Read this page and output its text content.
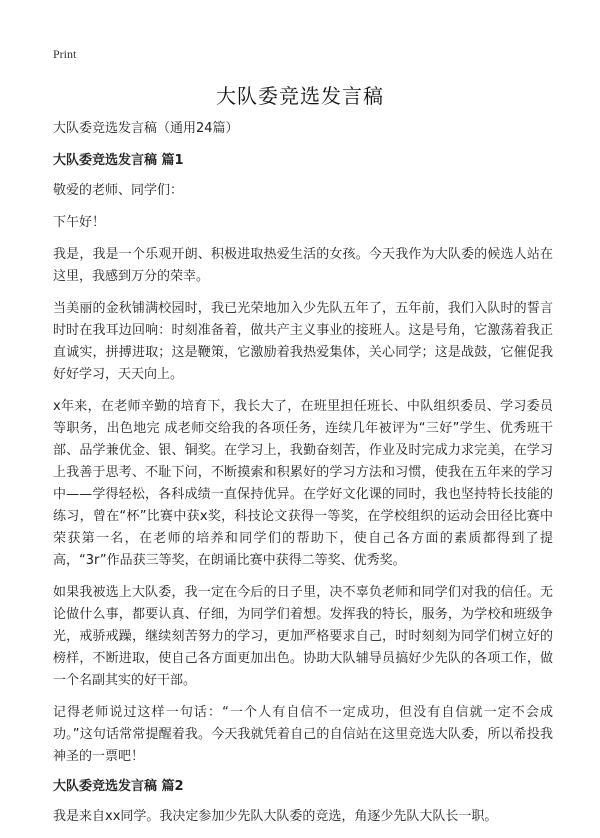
Print
大队委竞选发言稿

大队委竞选发言稿（通用24篇）

大队委竞选发言稿 篇1

敬爱的老师、同学们：

下午好！

我是，我是一个乐观开朗、积极进取热爱生活的女孩。今天我作为大队委的候选人站在这里，我感到万分的荣幸。

当美丽的金秋铺满校园时，我已光荣地加入少先队五年了，五年前，我们入队时的誓言时时在我耳边回响：时刻准备着，做共产主义事业的接班人。这是号角，它激荡着我正直诚实，拼搏进取；这是鞭策，它激励着我热爱集体，关心同学；这是战鼓，它催促我好好学习，天天向上。

x年来，在老师辛勤的培育下，我长大了，在班里担任班长、中队组织委员、学习委员等职务，出色地完 成老师交给我的各项任务，连续几年被评为“三好”学生、优秀班干部、品学兼优金、银、铜奖。在学习上，我勤奋刻苦，作业及时完成力求完美，在学习上我善于思考、不耻下问，不断摸索和积累好的学习方法和习惯，使我在五年来的学习中——学得轻松，各科成绩一直保持优异。在学好文化课的同时，我也坚持特长技能的练习，曾在“杯”比赛中获x奖，科技论文获得一等奖，在学校组织的运动会田径比赛中荣获第一名，在老师的培养和同学们的帮助下，使自己各方面的素质都得到了提高，“3r”作品获三等奖，在朗诵比赛中获得二等奖、优秀奖。

如果我被选上大队委，我一定在今后的日子里，决不辜负老师和同学们对我的信任。无论做什么事，都要认真、仔细，为同学们着想。发挥我的特长，服务，为学校和班级争光，戒骄戒躁，继续刻苦努力的学习，更加严格要求自己，时时刻刻为同学们树立好的榜样，不断进取，使自己各方面更加出色。协助大队辅导员搞好少先队的各项工作，做一个名副其实的好干部。

记得老师说过这样一句话：“一个人有自信不一定成功，但没有自信就一定不会成功。”这句话常常提醒着我。今天我就凭着自己的自信站在这里竞选大队委，所以希投我神圣的一票吧！

大队委竞选发言稿 篇2

我是来自xx同学。我决定参加少先队大队委的竞选，角逐少先队大队长一职。
